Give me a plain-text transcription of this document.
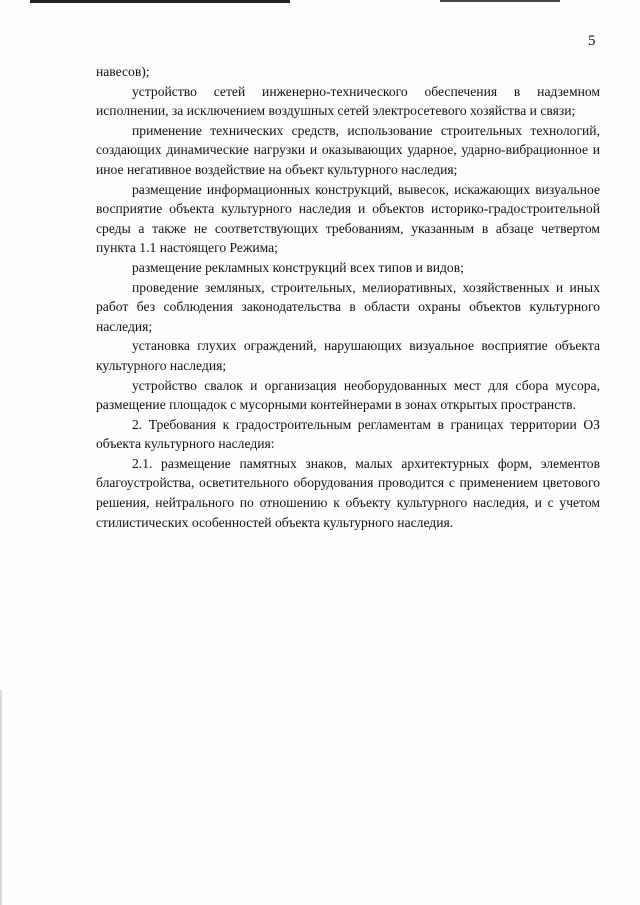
5

навесов);

устройство сетей инженерно-технического обеспечения в надземном исполнении, за исключением воздушных сетей электросетевого хозяйства и связи;

применение технических средств, использование строительных технологий, создающих динамические нагрузки и оказывающих ударное, ударно-вибрационное и иное негативное воздействие на объект культурного наследия;

размещение информационных конструкций, вывесок, искажающих визуальное восприятие объекта культурного наследия и объектов историко-градостроительной среды а также не соответствующих требованиям, указанным в абзаце четвертом пункта 1.1 настоящего Режима;

размещение рекламных конструкций всех типов и видов;

проведение земляных, строительных, мелиоративных, хозяйственных и иных работ без соблюдения законодательства в области охраны объектов культурного наследия;

установка глухих ограждений, нарушающих визуальное восприятие объекта культурного наследия;

устройство свалок и организация необорудованных мест для сбора мусора, размещение площадок с мусорными контейнерами в зонах открытых пространств.

2. Требования к градостроительным регламентам в границах территории ОЗ объекта культурного наследия:

2.1. размещение памятных знаков, малых архитектурных форм, элементов благоустройства, осветительного оборудования проводится с применением цветового решения, нейтрального по отношению к объекту культурного наследия, и с учетом стилистических особенностей объекта культурного наследия.
